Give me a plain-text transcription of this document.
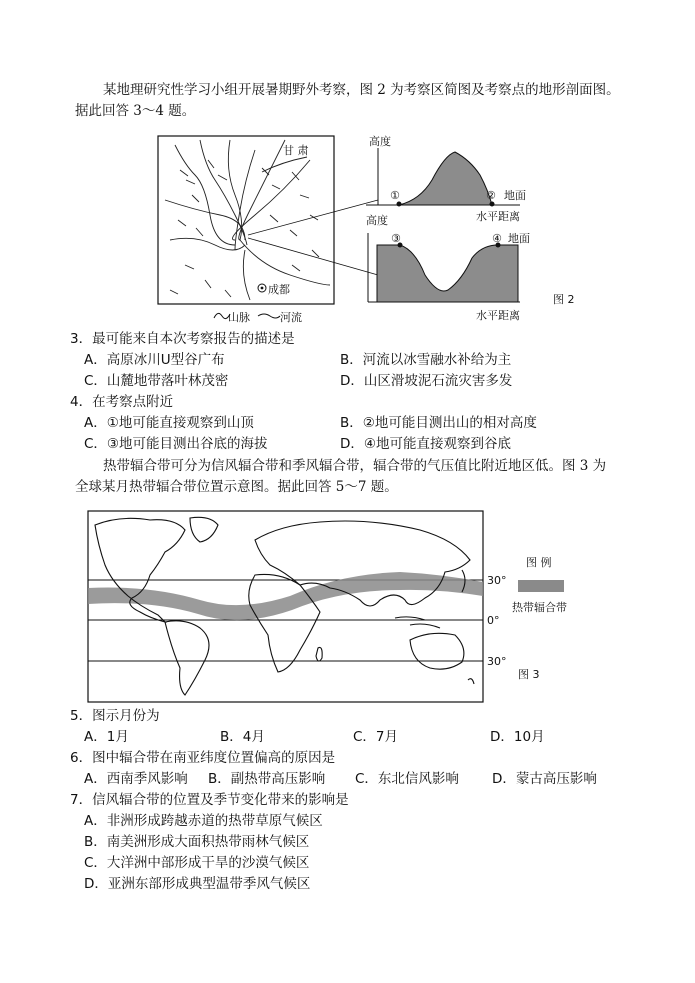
某地理研究性学习小组开展暑期野外考察，图 2 为考察区简图及考察点的地形剖面图。
据此回答 3～4 题。
甘 肃
成都
山脉	河流
高度
高度
①	② 地面
水平距离
③	④ 地面
水平距离
图 2
3．最可能来自本次考察报告的描述是
A．高原冰川U型谷广布	B．河流以冰雪融水补给为主
C．山麓地带落叶林茂密	D．山区滑坡泥石流灾害多发
4．在考察点附近
A．①地可能直接观察到山顶	B．②地可能目测出山的相对高度
C．③地可能目测出谷底的海拔	D．④地可能直接观察到谷底
热带辐合带可分为信风辐合带和季风辐合带，辐合带的气压值比附近地区低。图 3 为
全球某月热带辐合带位置示意图。据此回答 5～7 题。
图 例
热带辐合带
30°
0°
30°
图 3
5．图示月份为
A．1月	B．4月	C．7月	D．10月
6．图中辐合带在南亚纬度位置偏高的原因是
A．西南季风影响 B．副热带高压影响 C．东北信风影响 D．蒙古高压影响
7．信风辐合带的位置及季节变化带来的影响是
A．非洲形成跨越赤道的热带草原气候区
B．南美洲形成大面积热带雨林气候区
C．大洋洲中部形成干旱的沙漠气候区
D．亚洲东部形成典型温带季风气候区
